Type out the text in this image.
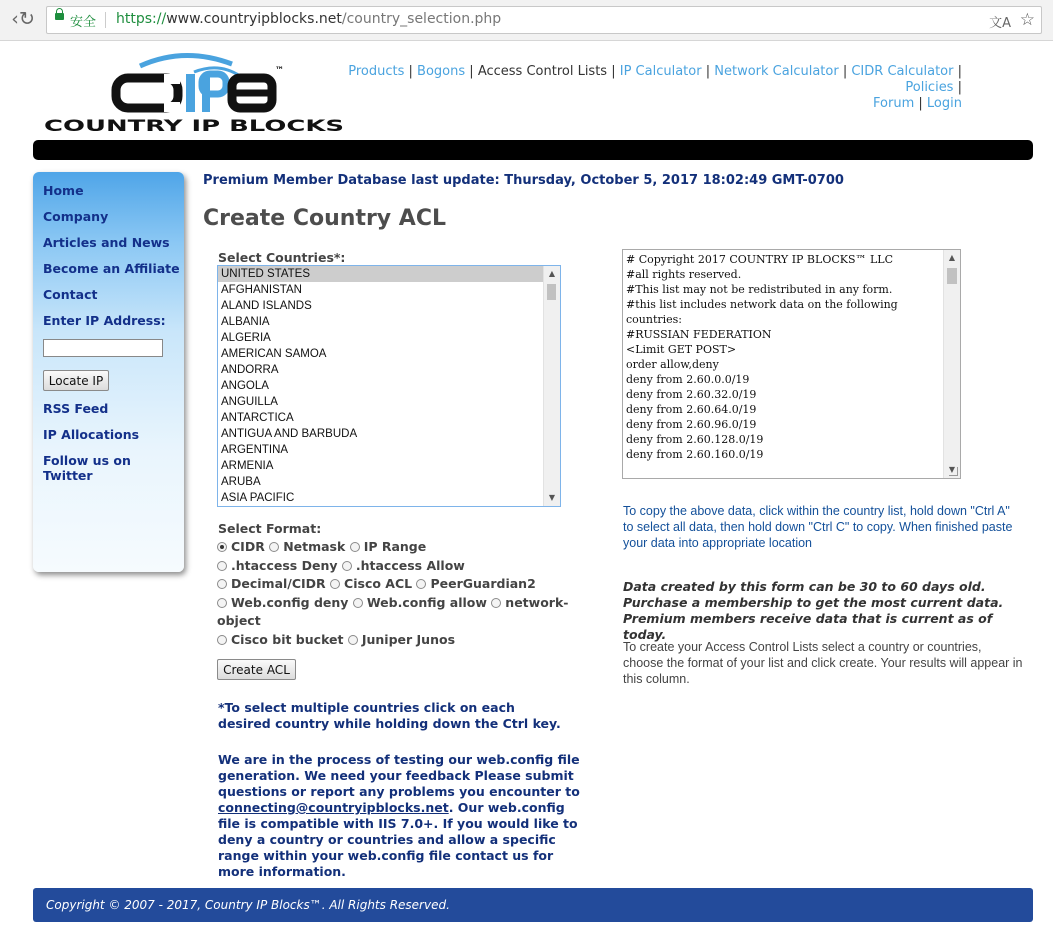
‹ ↻	安全 https://www.countryipblocks.net/country_selection.php	文A ☆
COUNTRY IP BLOCKS
™	Products | Bogons | Access Control Lists | IP Calculator | Network Calculator | CIDR Calculator | Policies |
Forum | Login
Home
Company
Articles and News
Become an Affiliate
Contact
Enter IP Address:
Locate IP
RSS Feed
IP Allocations
Follow us on Twitter
Premium Member Database last update: Thursday, October 5, 2017 18:02:49 GMT-0700
Create Country ACL
Select Countries*:
UNITED STATES
AFGHANISTAN
ALAND ISLANDS
ALBANIA
ALGERIA
AMERICAN SAMOA
ANDORRA
ANGOLA
ANGUILLA
ANTARCTICA
ANTIGUA AND BARBUDA
ARGENTINA
ARMENIA
ARUBA
ASIA PACIFIC
▲
▼
Select Format:
CIDR Netmask IP Range
.htaccess Deny .htaccess Allow
Decimal/CIDR Cisco ACL PeerGuardian2
Web.config deny Web.config allow network-object
Cisco bit bucket Juniper Junos
Create ACL
*To select multiple countries click on each desired country while holding down the Ctrl key.
We are in the process of testing our web.config file generation. We need your feedback Please submit questions or report any problems you encounter to connecting@countryipblocks.net. Our web.config file is compatible with IIS 7.0+. If you would like to deny a country or countries and allow a specific range within your web.config file contact us for more information.
# Copyright 2017 COUNTRY IP BLOCKS™ LLC
#all rights reserved.
#This list may not be redistributed in any form.
#this list includes network data on the following countries:
#RUSSIAN FEDERATION
<Limit GET POST>
order allow,deny
deny from 2.60.0.0/19
deny from 2.60.32.0/19
deny from 2.60.64.0/19
deny from 2.60.96.0/19
deny from 2.60.128.0/19
deny from 2.60.160.0/19
▲
▼
To copy the above data, click within the country list, hold down "Ctrl A" to select all data, then hold down "Ctrl C" to copy. When finished paste your data into appropriate location
Data created by this form can be 30 to 60 days old. Purchase a membership to get the most current data. Premium members receive data that is current as of today.
To create your Access Control Lists select a country or countries, choose the format of your list and click create. Your results will appear in this column.
Copyright © 2007 - 2017, Country IP Blocks™. All Rights Reserved.
